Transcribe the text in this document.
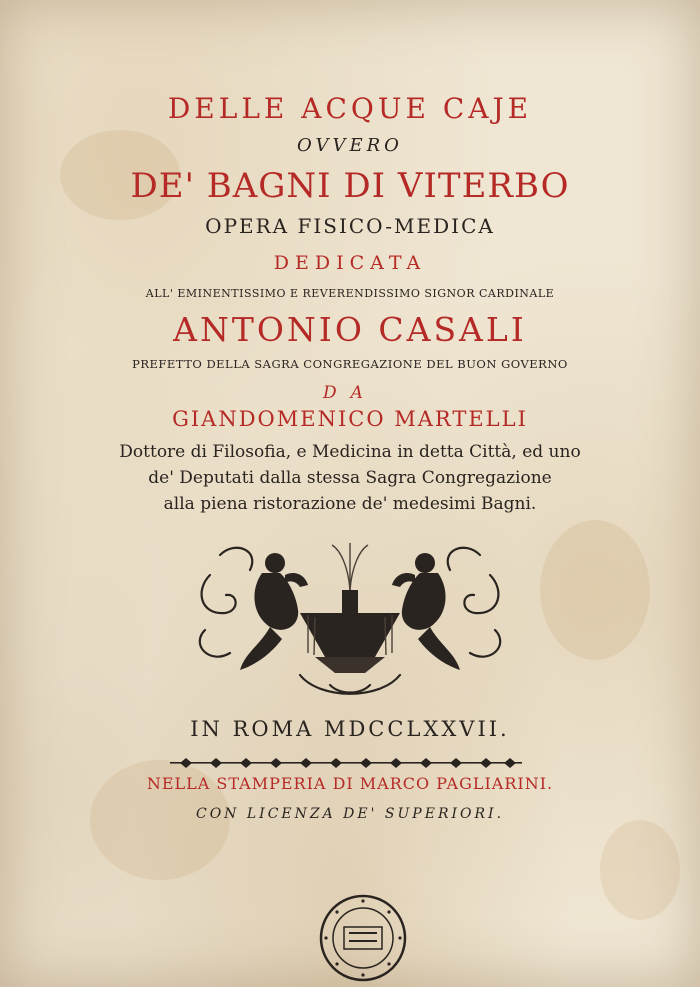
DELLE ACQUE CAJE
OVVERO
DE' BAGNI DI VITERBO
OPERA FISICO-MEDICA
DEDICATA
ALL' EMINENTISSIMO E REVERENDISSIMO SIGNOR CARDINALE
ANTONIO CASALI
PREFETTO DELLA SAGRA CONGREGAZIONE DEL BUON GOVERNO
DA
GIANDOMENICO MARTELLI
Dottore di Filosofia, e Medicina in detta Città, ed uno
de' Deputati dalla stessa Sagra Congregazione
alla piena ristorazione de' medesimi Bagni.
IN ROMA MDCCLXXVII.
NELLA STAMPERIA DI MARCO PAGLIARINI.
CON LICENZA DE' SUPERIORI.
